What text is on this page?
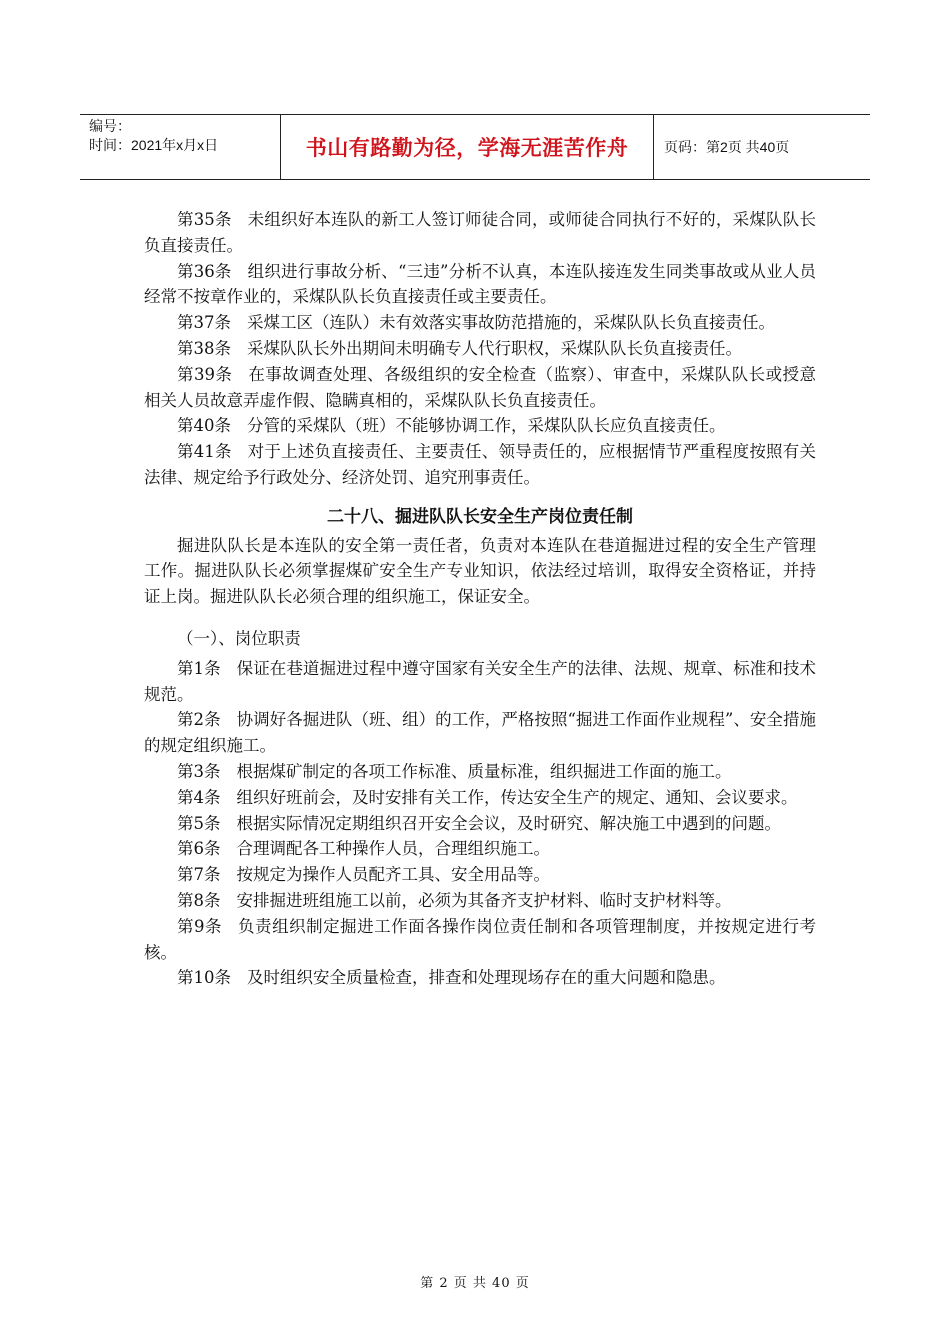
编号：
时间：2021年x月x日	书山有路勤为径，学海无涯苦作舟	页码：第2页 共40页

第35条 未组织好本连队的新工人签订师徒合同，或师徒合同执行不好的，采煤队队长负直接责任。

第36条 组织进行事故分析、“三违”分析不认真，本连队接连发生同类事故或从业人员经常不按章作业的，采煤队队长负直接责任或主要责任。

第37条 采煤工区（连队）未有效落实事故防范措施的，采煤队队长负直接责任。

第38条 采煤队队长外出期间未明确专人代行职权，采煤队队长负直接责任。

第39条 在事故调查处理、各级组织的安全检查（监察）、审查中，采煤队队长或授意相关人员故意弄虚作假、隐瞒真相的，采煤队队长负直接责任。

第40条 分管的采煤队（班）不能够协调工作，采煤队队长应负直接责任。

第41条 对于上述负直接责任、主要责任、领导责任的，应根据情节严重程度按照有关法律、规定给予行政处分、经济处罚、追究刑事责任。

二十八、掘进队队长安全生产岗位责任制

掘进队队长是本连队的安全第一责任者，负责对本连队在巷道掘进过程的安全生产管理工作。掘进队队长必须掌握煤矿安全生产专业知识，依法经过培训，取得安全资格证，并持证上岗。掘进队队长必须合理的组织施工，保证安全。

（一）、岗位职责

第1条 保证在巷道掘进过程中遵守国家有关安全生产的法律、法规、规章、标准和技术规范。

第2条 协调好各掘进队（班、组）的工作，严格按照“掘进工作面作业规程”、安全措施的规定组织施工。

第3条 根据煤矿制定的各项工作标准、质量标准，组织掘进工作面的施工。

第4条 组织好班前会，及时安排有关工作，传达安全生产的规定、通知、会议要求。

第5条 根据实际情况定期组织召开安全会议，及时研究、解决施工中遇到的问题。

第6条 合理调配各工种操作人员，合理组织施工。

第7条 按规定为操作人员配齐工具、安全用品等。

第8条 安排掘进班组施工以前，必须为其备齐支护材料、临时支护材料等。

第9条 负责组织制定掘进工作面各操作岗位责任制和各项管理制度，并按规定进行考核。

第10条 及时组织安全质量检查，排查和处理现场存在的重大问题和隐患。

第 2 页 共 40 页
